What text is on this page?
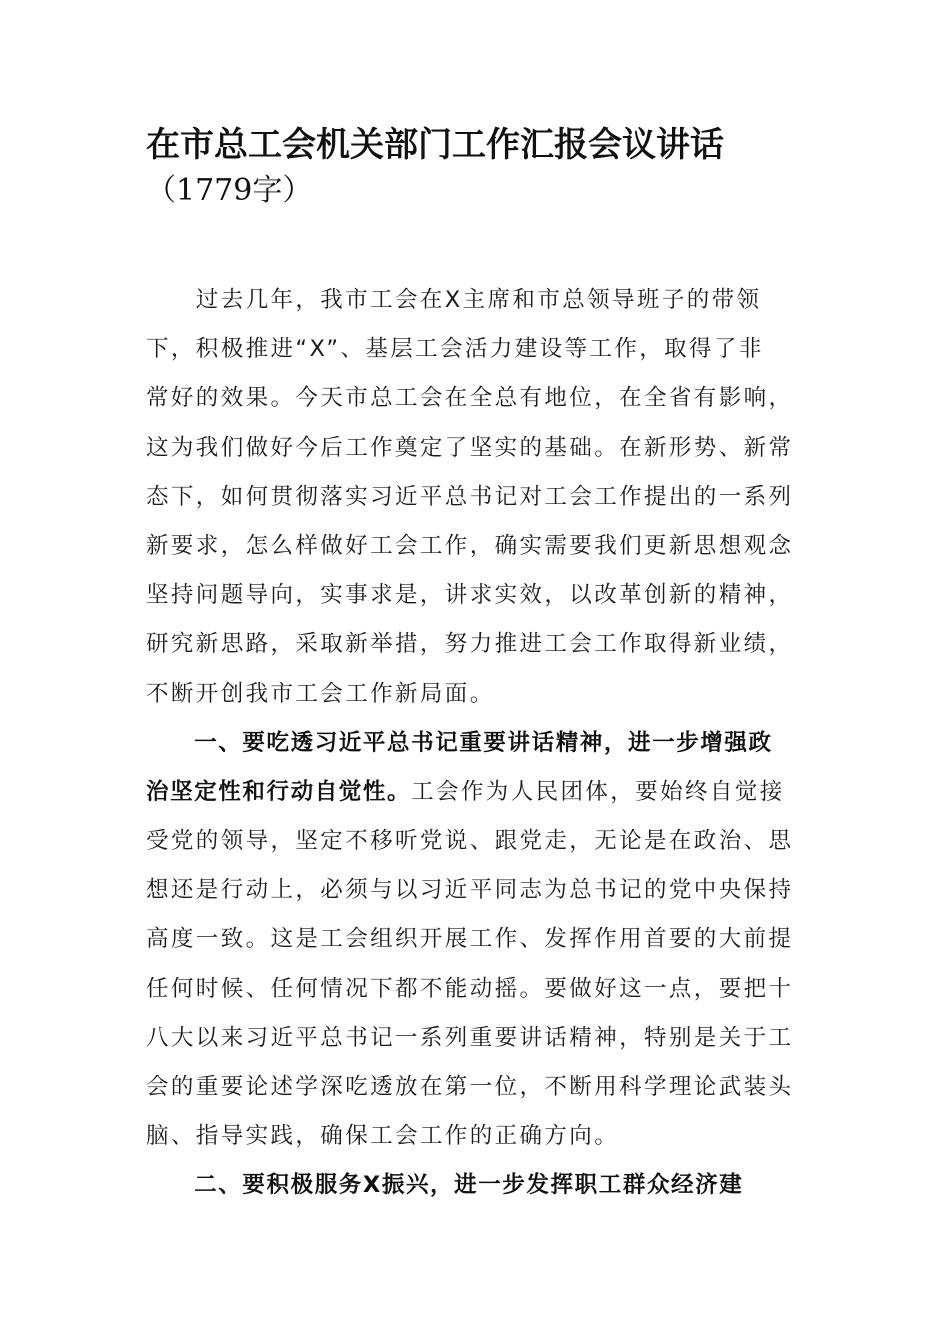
在市总工会机关部门工作汇报会议讲话
（1779字）
　　过去几年，我市工会在X主席和市总领导班子的带领
下，积极推进“X”、基层工会活力建设等工作，取得了非
常好的效果。今天市总工会在全总有地位，在全省有影响，
这为我们做好今后工作奠定了坚实的基础。在新形势、新常
态下，如何贯彻落实习近平总书记对工会工作提出的一系列
新要求，怎么样做好工会工作，确实需要我们更新思想观念
坚持问题导向，实事求是，讲求实效，以改革创新的精神，
研究新思路，采取新举措，努力推进工会工作取得新业绩，
不断开创我市工会工作新局面。
　　一、要吃透习近平总书记重要讲话精神，进一步增强政
治坚定性和行动自觉性。工会作为人民团体，要始终自觉接
受党的领导，坚定不移听党说、跟党走，无论是在政治、思
想还是行动上，必须与以习近平同志为总书记的党中央保持
高度一致。这是工会组织开展工作、发挥作用首要的大前提
任何时候、任何情况下都不能动摇。要做好这一点，要把十
八大以来习近平总书记一系列重要讲话精神，特别是关于工
会的重要论述学深吃透放在第一位，不断用科学理论武装头
脑、指导实践，确保工会工作的正确方向。
　　二、要积极服务X振兴，进一步发挥职工群众经济建
